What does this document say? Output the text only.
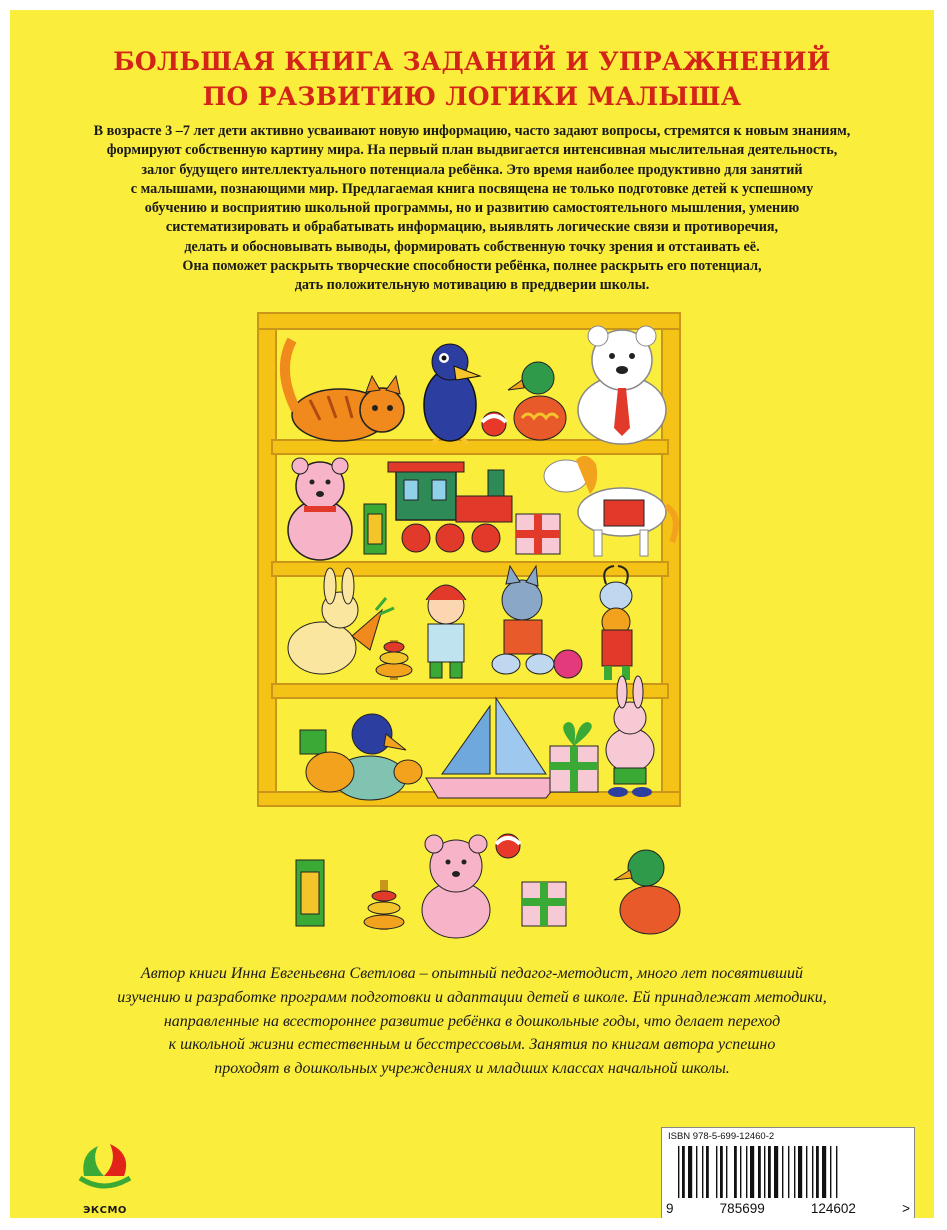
БОЛЬШАЯ КНИГА ЗАДАНИЙ И УПРАЖНЕНИЙ
ПО РАЗВИТИЮ ЛОГИКИ МАЛЫША
В возрасте 3 –7 лет дети активно усваивают новую информацию, часто задают вопросы, стремятся к новым знаниям,
формируют собственную картину мира. На первый план выдвигается интенсивная мыслительная деятельность,
залог будущего интеллектуального потенциала ребёнка. Это время наиболее продуктивно для занятий
с малышами, познающими мир. Предлагаемая книга посвящена не только подготовке детей к успешному
обучению и восприятию школьной программы, но и развитию самостоятельного мышления, умению
систематизировать и обрабатывать информацию, выявлять логические связи и противоречия,
делать и обосновывать выводы, формировать собственную точку зрения и отстаивать её.
Она поможет раскрыть творческие способности ребёнка, полнее раскрыть его потенциал,
дать положительную мотивацию в преддверии школы.
Автор книги Инна Евгеньевна Светлова – опытный педагог-методист, много лет посвятивший
изучению и разработке программ подготовки и адаптации детей в школе. Ей принадлежат методики,
направленные на всестороннее развитие ребёнка в дошкольные годы, что делает переход
к школьной жизни естественным и бесстрессовым. Занятия по книгам автора успешно
проходят в дошкольных учреждениях и младших классах начальной школы.
ЭКСМО
ISBN 978-5-699-12460-2
9	785699	124602	>
